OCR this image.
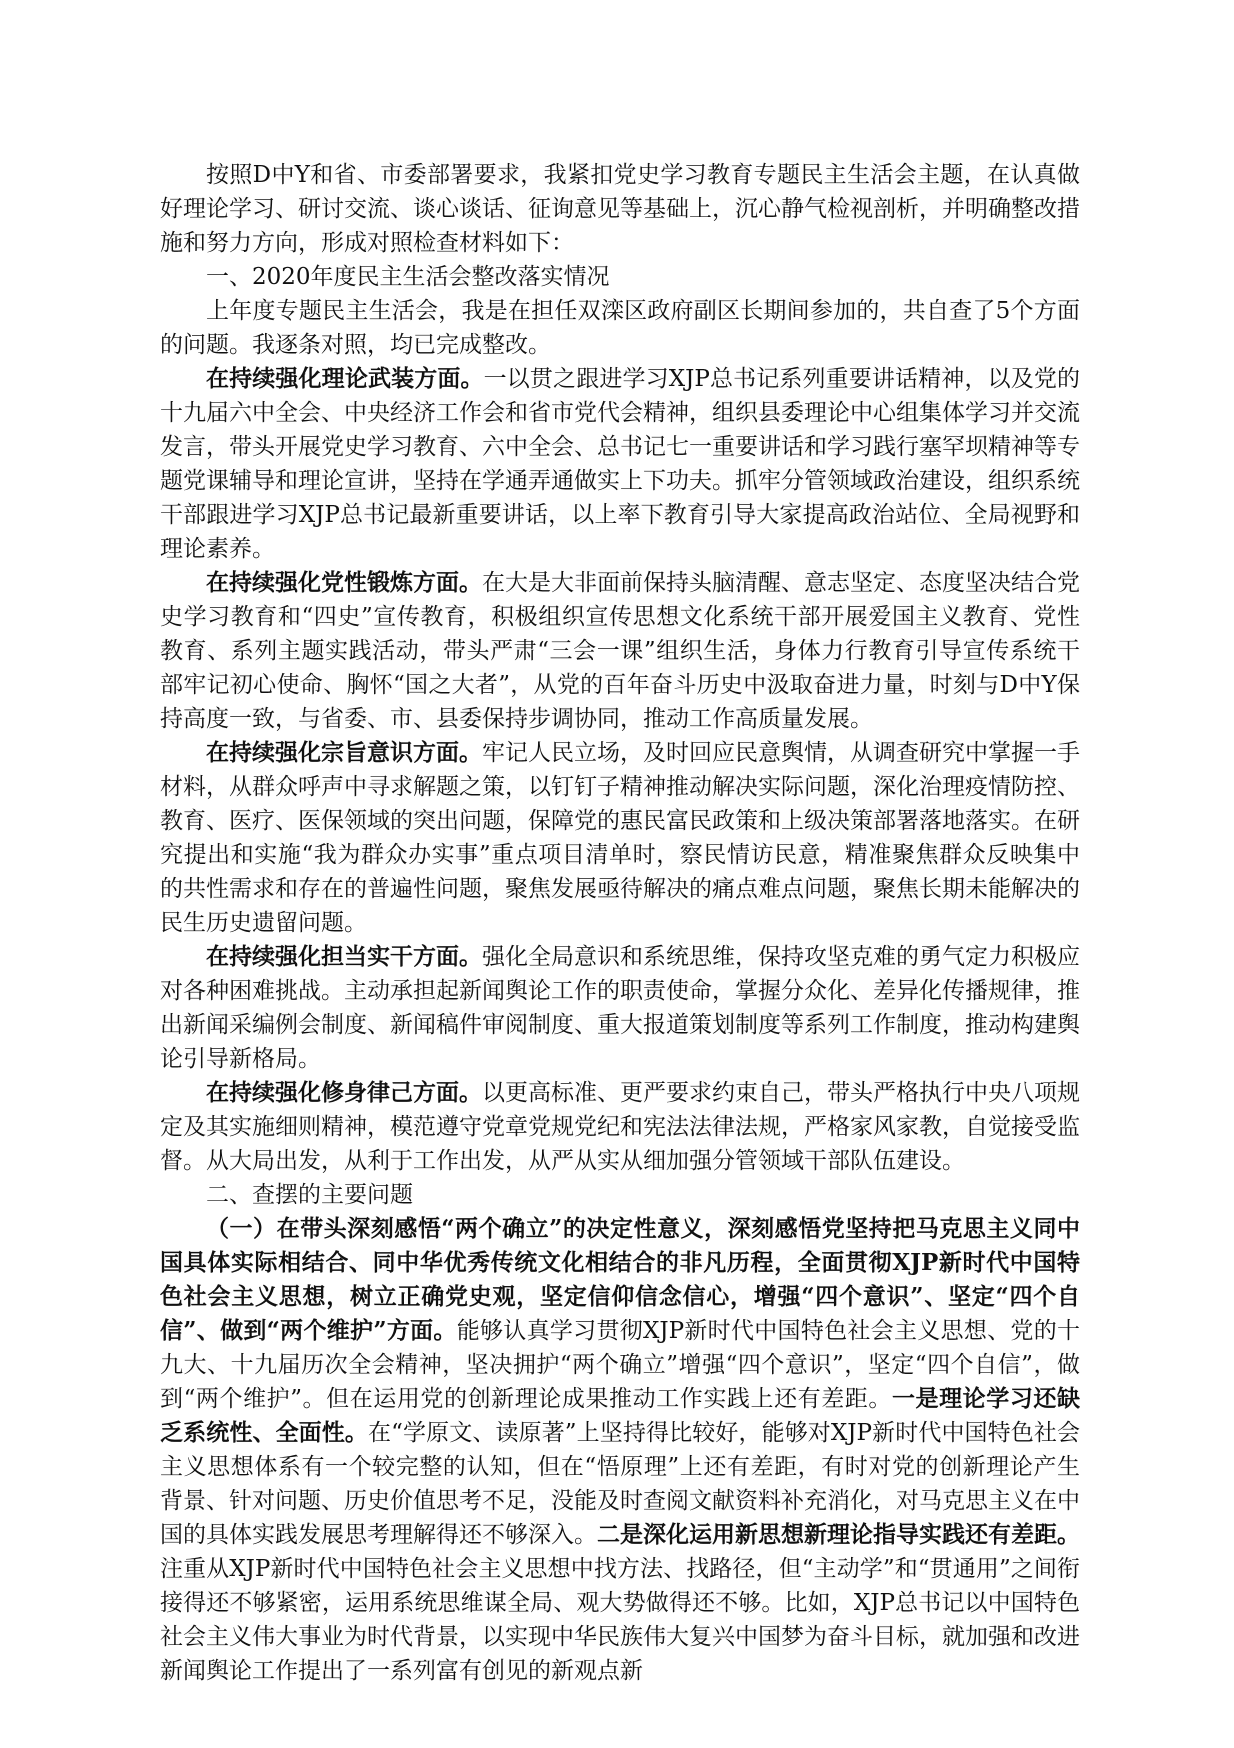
按照D中Y和省、市委部署要求，我紧扣党史学习教育专题民主生活会主题，在认真做好理论学习、研讨交流、谈心谈话、征询意见等基础上，沉心静气检视剖析，并明确整改措施和努力方向，形成对照检查材料如下：

一、2020年度民主生活会整改落实情况

上年度专题民主生活会，我是在担任双滦区政府副区长期间参加的，共自查了5个方面的问题。我逐条对照，均已完成整改。

在持续强化理论武装方面。一以贯之跟进学习XJP总书记系列重要讲话精神，以及党的十九届六中全会、中央经济工作会和省市党代会精神，组织县委理论中心组集体学习并交流发言，带头开展党史学习教育、六中全会、总书记七一重要讲话和学习践行塞罕坝精神等专题党课辅导和理论宣讲，坚持在学通弄通做实上下功夫。抓牢分管领域政治建设，组织系统干部跟进学习XJP总书记最新重要讲话，以上率下教育引导大家提高政治站位、全局视野和理论素养。

在持续强化党性锻炼方面。在大是大非面前保持头脑清醒、意志坚定、态度坚决结合党史学习教育和“四史”宣传教育，积极组织宣传思想文化系统干部开展爱国主义教育、党性教育、系列主题实践活动，带头严肃“三会一课”组织生活，身体力行教育引导宣传系统干部牢记初心使命、胸怀“国之大者”，从党的百年奋斗历史中汲取奋进力量，时刻与D中Y保持高度一致，与省委、市、县委保持步调协同，推动工作高质量发展。

在持续强化宗旨意识方面。牢记人民立场，及时回应民意舆情，从调查研究中掌握一手材料，从群众呼声中寻求解题之策，以钉钉子精神推动解决实际问题，深化治理疫情防控、教育、医疗、医保领域的突出问题，保障党的惠民富民政策和上级决策部署落地落实。在研究提出和实施“我为群众办实事”重点项目清单时，察民情访民意，精准聚焦群众反映集中的共性需求和存在的普遍性问题，聚焦发展亟待解决的痛点难点问题，聚焦长期未能解决的民生历史遗留问题。

在持续强化担当实干方面。强化全局意识和系统思维，保持攻坚克难的勇气定力积极应对各种困难挑战。主动承担起新闻舆论工作的职责使命，掌握分众化、差异化传播规律，推出新闻采编例会制度、新闻稿件审阅制度、重大报道策划制度等系列工作制度，推动构建舆论引导新格局。

在持续强化修身律己方面。以更高标准、更严要求约束自己，带头严格执行中央八项规定及其实施细则精神，模范遵守党章党规党纪和宪法法律法规，严格家风家教，自觉接受监督。从大局出发，从利于工作出发，从严从实从细加强分管领域干部队伍建设。

二、查摆的主要问题

（一）在带头深刻感悟“两个确立”的决定性意义，深刻感悟党坚持把马克思主义同中国具体实际相结合、同中华优秀传统文化相结合的非凡历程，全面贯彻XJP新时代中国特色社会主义思想，树立正确党史观，坚定信仰信念信心，增强“四个意识”、坚定“四个自信”、做到“两个维护”方面。能够认真学习贯彻XJP新时代中国特色社会主义思想、党的十九大、十九届历次全会精神，坚决拥护“两个确立”增强“四个意识”，坚定“四个自信”，做到“两个维护”。但在运用党的创新理论成果推动工作实践上还有差距。一是理论学习还缺乏系统性、全面性。在“学原文、读原著”上坚持得比较好，能够对XJP新时代中国特色社会主义思想体系有一个较完整的认知，但在“悟原理”上还有差距，有时对党的创新理论产生背景、针对问题、历史价值思考不足，没能及时查阅文献资料补充消化，对马克思主义在中国的具体实践发展思考理解得还不够深入。二是深化运用新思想新理论指导实践还有差距。注重从XJP新时代中国特色社会主义思想中找方法、找路径，但“主动学”和“贯通用”之间衔接得还不够紧密，运用系统思维谋全局、观大势做得还不够。比如，XJP总书记以中国特色社会主义伟大事业为时代背景，以实现中华民族伟大复兴中国梦为奋斗目标，就加强和改进新闻舆论工作提出了一系列富有创见的新观点新
